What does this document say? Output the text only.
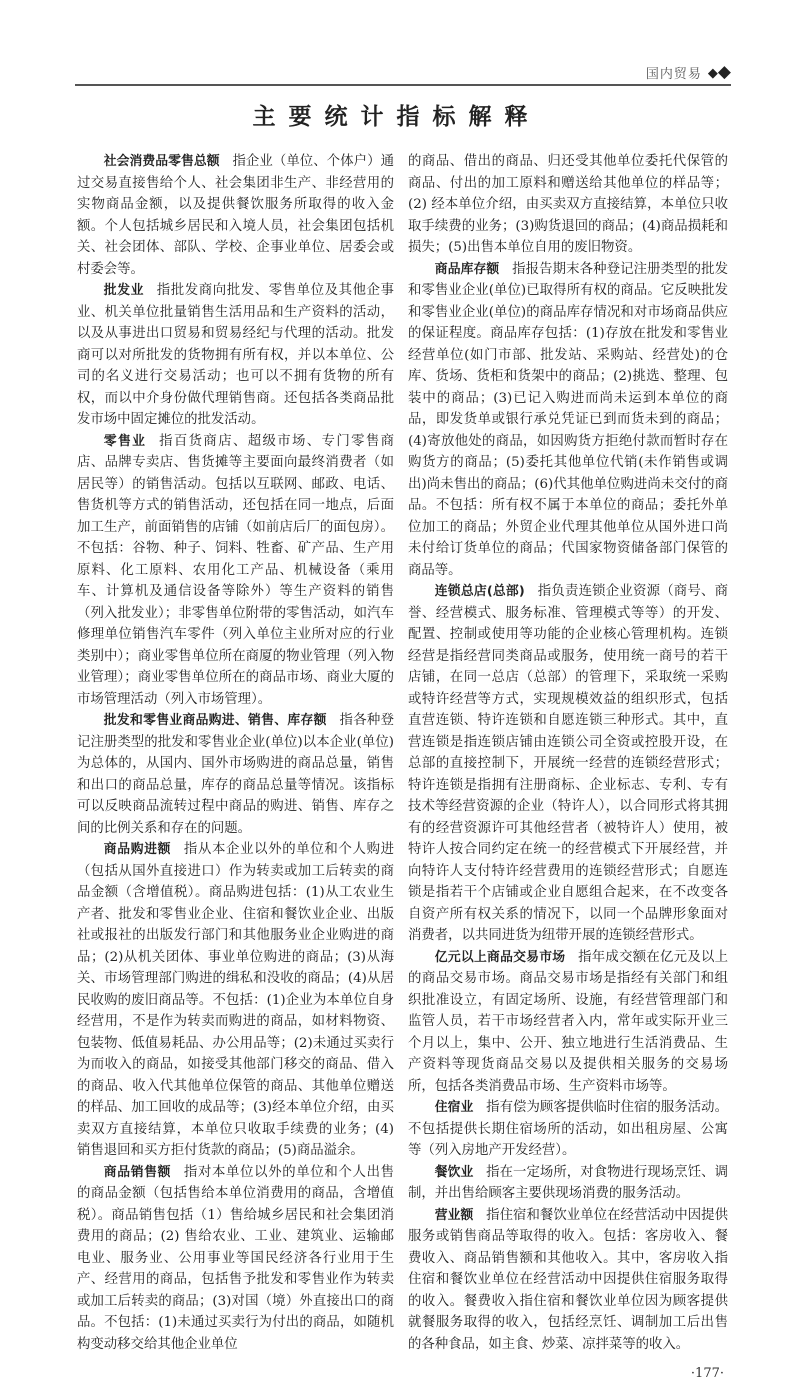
国内贸易 ◆◆
主要统计指标解释

社会消费品零售总额 指企业（单位、个体户）通过交易直接售给个人、社会集团非生产、非经营用的实物商品金额，以及提供餐饮服务所取得的收入金额。个人包括城乡居民和入境人员，社会集团包括机关、社会团体、部队、学校、企事业单位、居委会或村委会等。

批发业 指批发商向批发、零售单位及其他企事业、机关单位批量销售生活用品和生产资料的活动，以及从事进出口贸易和贸易经纪与代理的活动。批发商可以对所批发的货物拥有所有权，并以本单位、公司的名义进行交易活动；也可以不拥有货物的所有权，而以中介身份做代理销售商。还包括各类商品批发市场中固定摊位的批发活动。

零售业 指百货商店、超级市场、专门零售商店、品牌专卖店、售货摊等主要面向最终消费者（如居民等）的销售活动。包括以互联网、邮政、电话、售货机等方式的销售活动，还包括在同一地点，后面加工生产，前面销售的店铺（如前店后厂的面包房）。不包括：谷物、种子、饲料、牲畜、矿产品、生产用原料、化工原料、农用化工产品、机械设备（乘用车、计算机及通信设备等除外）等生产资料的销售（列入批发业）；非零售单位附带的零售活动，如汽车修理单位销售汽车零件（列入单位主业所对应的行业类别中）；商业零售单位所在商厦的物业管理（列入物业管理）；商业零售单位所在的商品市场、商业大厦的市场管理活动（列入市场管理）。

批发和零售业商品购进、销售、库存额 指各种登记注册类型的批发和零售业企业(单位)以本企业(单位)为总体的，从国内、国外市场购进的商品总量，销售和出口的商品总量，库存的商品总量等情况。该指标可以反映商品流转过程中商品的购进、销售、库存之间的比例关系和存在的问题。

商品购进额 指从本企业以外的单位和个人购进（包括从国外直接进口）作为转卖或加工后转卖的商品金额（含增值税）。商品购进包括：(1)从工农业生产者、批发和零售业企业、住宿和餐饮业企业、出版社或报社的出版发行部门和其他服务业企业购进的商品；(2)从机关团体、事业单位购进的商品；(3)从海关、市场管理部门购进的缉私和没收的商品；(4)从居民收购的废旧商品等。不包括：(1)企业为本单位自身经营用，不是作为转卖而购进的商品，如材料物资、包装物、低值易耗品、办公用品等；(2)未通过买卖行为而收入的商品，如接受其他部门移交的商品、借入的商品、收入代其他单位保管的商品、其他单位赠送的样品、加工回收的成品等；(3)经本单位介绍，由买卖双方直接结算，本单位只收取手续费的业务；(4) 销售退回和买方拒付货款的商品；(5)商品溢余。

商品销售额 指对本单位以外的单位和个人出售的商品金额（包括售给本单位消费用的商品，含增值税）。商品销售包括（1）售给城乡居民和社会集团消费用的商品；(2) 售给农业、工业、建筑业、运输邮电业、服务业、公用事业等国民经济各行业用于生产、经营用的商品，包括售予批发和零售业作为转卖或加工后转卖的商品；(3)对国（境）外直接出口的商品。不包括：(1)未通过买卖行为付出的商品，如随机构变动移交给其他企业单位

的商品、借出的商品、归还受其他单位委托代保管的商品、付出的加工原料和赠送给其他单位的样品等；(2) 经本单位介绍，由买卖双方直接结算，本单位只收取手续费的业务；(3)购货退回的商品；(4)商品损耗和损失；(5)出售本单位自用的废旧物资。

商品库存额 指报告期末各种登记注册类型的批发和零售业企业(单位)已取得所有权的商品。它反映批发和零售业企业(单位)的商品库存情况和对市场商品供应的保证程度。商品库存包括：(1)存放在批发和零售业经营单位(如门市部、批发站、采购站、经营处)的仓库、货场、货柜和货架中的商品；(2)挑选、整理、包装中的商品；(3)已记入购进而尚未运到本单位的商品，即发货单或银行承兑凭证已到而货未到的商品；(4)寄放他处的商品，如因购货方拒绝付款而暂时存在购货方的商品；(5)委托其他单位代销(未作销售或调出)尚未售出的商品；(6)代其他单位购进尚未交付的商品。不包括：所有权不属于本单位的商品；委托外单位加工的商品；外贸企业代理其他单位从国外进口尚未付给订货单位的商品；代国家物资储备部门保管的商品等。

连锁总店(总部) 指负责连锁企业资源（商号、商誉、经营模式、服务标准、管理模式等等）的开发、配置、控制或使用等功能的企业核心管理机构。连锁经营是指经营同类商品或服务，使用统一商号的若干店铺，在同一总店（总部）的管理下，采取统一采购或特许经营等方式，实现规模效益的组织形式，包括直营连锁、特许连锁和自愿连锁三种形式。其中，直营连锁是指连锁店铺由连锁公司全资或控股开设，在总部的直接控制下，开展统一经营的连锁经营形式；特许连锁是指拥有注册商标、企业标志、专利、专有技术等经营资源的企业（特许人），以合同形式将其拥有的经营资源许可其他经营者（被特许人）使用，被特许人按合同约定在统一的经营模式下开展经营，并向特许人支付特许经营费用的连锁经营形式；自愿连锁是指若干个店铺或企业自愿组合起来，在不改变各自资产所有权关系的情况下，以同一个品牌形象面对消费者，以共同进货为纽带开展的连锁经营形式。

亿元以上商品交易市场 指年成交额在亿元及以上的商品交易市场。商品交易市场是指经有关部门和组织批准设立，有固定场所、设施，有经营管理部门和监管人员，若干市场经营者入内，常年或实际开业三个月以上，集中、公开、独立地进行生活消费品、生产资料等现货商品交易以及提供相关服务的交易场所，包括各类消费品市场、生产资料市场等。

住宿业 指有偿为顾客提供临时住宿的服务活动。不包括提供长期住宿场所的活动，如出租房屋、公寓等（列入房地产开发经营）。

餐饮业 指在一定场所，对食物进行现场烹饪、调制，并出售给顾客主要供现场消费的服务活动。

营业额 指住宿和餐饮业单位在经营活动中因提供服务或销售商品等取得的收入。包括：客房收入、餐费收入、商品销售额和其他收入。其中，客房收入指住宿和餐饮业单位在经营活动中因提供住宿服务取得的收入。餐费收入指住宿和餐饮业单位因为顾客提供就餐服务取得的收入，包括经烹饪、调制加工后出售的各种食品，如主食、炒菜、凉拌菜等的收入。

·177·
